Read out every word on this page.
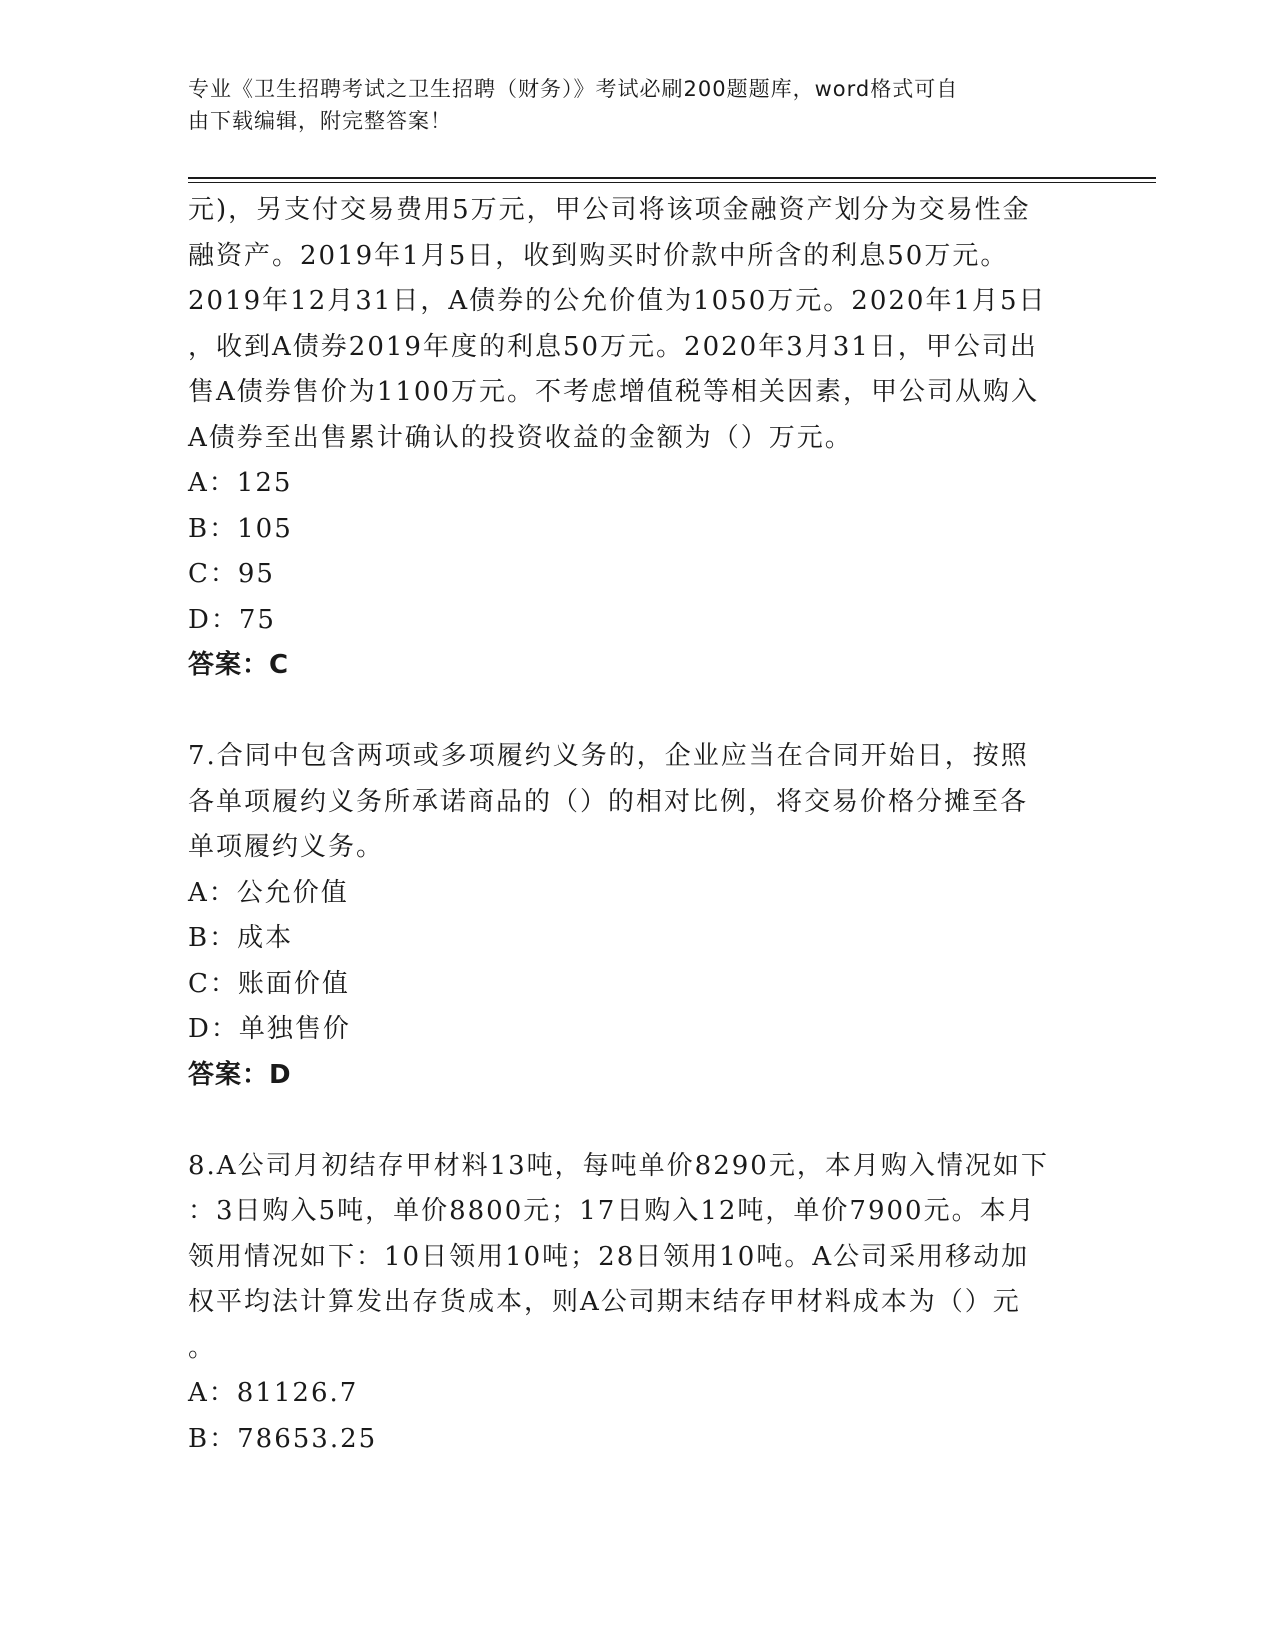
专业《卫生招聘考试之卫生招聘（财务）》考试必刷200题题库，word格式可自
由下载编辑，附完整答案！
元)，另支付交易费用5万元，甲公司将该项金融资产划分为交易性金
融资产。2019年1月5日，收到购买时价款中所含的利息50万元。
2019年12月31日，A债券的公允价值为1050万元。2020年1月5日
，收到A债券2019年度的利息50万元。2020年3月31日，甲公司出
售A债券售价为1100万元。不考虑增值税等相关因素，甲公司从购入
A债券至出售累计确认的投资收益的金额为（）万元。
A：125
B：105
C：95
D：75
答案：C
7.合同中包含两项或多项履约义务的，企业应当在合同开始日，按照
各单项履约义务所承诺商品的（）的相对比例，将交易价格分摊至各
单项履约义务。
A：公允价值
B：成本
C：账面价值
D：单独售价
答案：D
8.A公司月初结存甲材料13吨，每吨单价8290元，本月购入情况如下
：3日购入5吨，单价8800元；17日购入12吨，单价7900元。本月
领用情况如下：10日领用10吨；28日领用10吨。A公司采用移动加
权平均法计算发出存货成本，则A公司期末结存甲材料成本为（）元
。
A：81126.7
B：78653.25
